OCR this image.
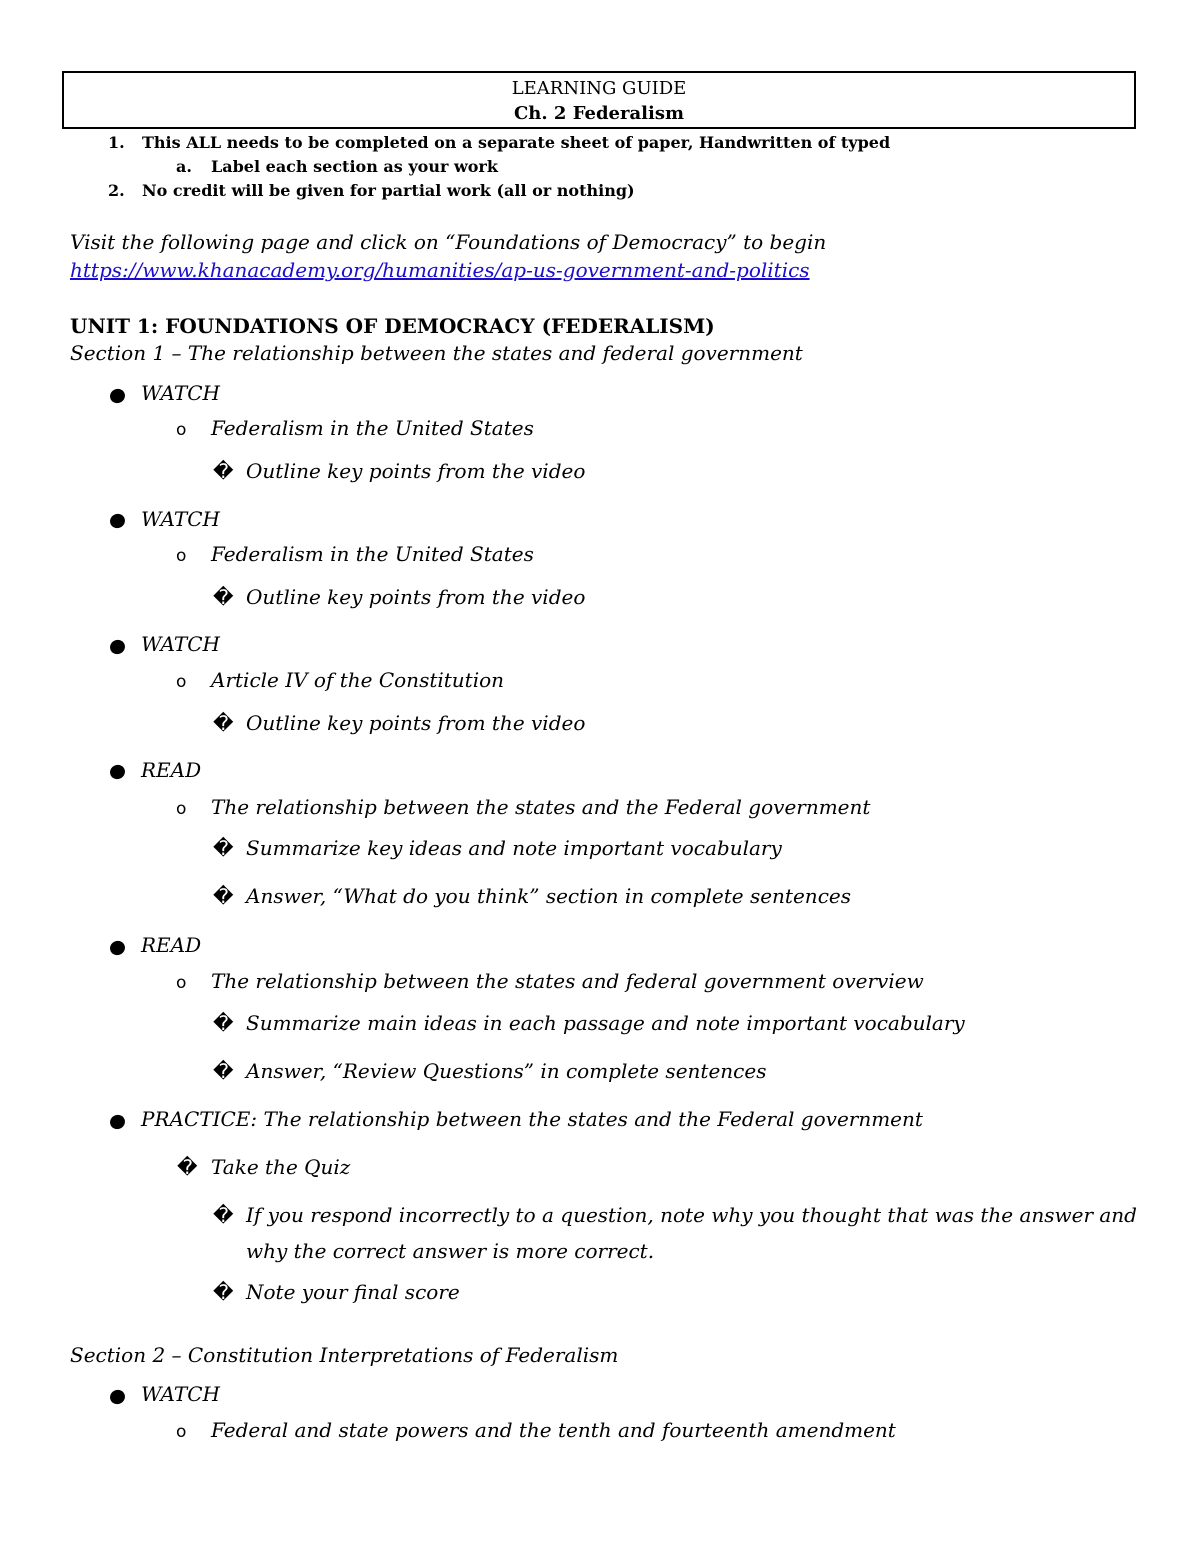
LEARNING GUIDE
Ch. 2 Federalism
1. This ALL needs to be completed on a separate sheet of paper, Handwritten of typed
a. Label each section as your work
2. No credit will be given for partial work (all or nothing)
Visit the following page and click on “Foundations of Democracy” to begin
https://www.khanacademy.org/humanities/ap-us-government-and-politics
UNIT 1: FOUNDATIONS OF DEMOCRACY (FEDERALISM)
Section 1 – The relationship between the states and federal government
WATCH
o Federalism in the United States
� Outline key points from the video
WATCH
o Federalism in the United States
� Outline key points from the video
WATCH
o Article IV of the Constitution
� Outline key points from the video
READ
o The relationship between the states and the Federal government
� Summarize key ideas and note important vocabulary
� Answer, “What do you think” section in complete sentences
READ
o The relationship between the states and federal government overview
� Summarize main ideas in each passage and note important vocabulary
� Answer, “Review Questions” in complete sentences
PRACTICE: The relationship between the states and the Federal government
� Take the Quiz
� If you respond incorrectly to a question, note why you thought that was the answer and
why the correct answer is more correct.
� Note your final score
Section 2 – Constitution Interpretations of Federalism
WATCH
o Federal and state powers and the tenth and fourteenth amendment
